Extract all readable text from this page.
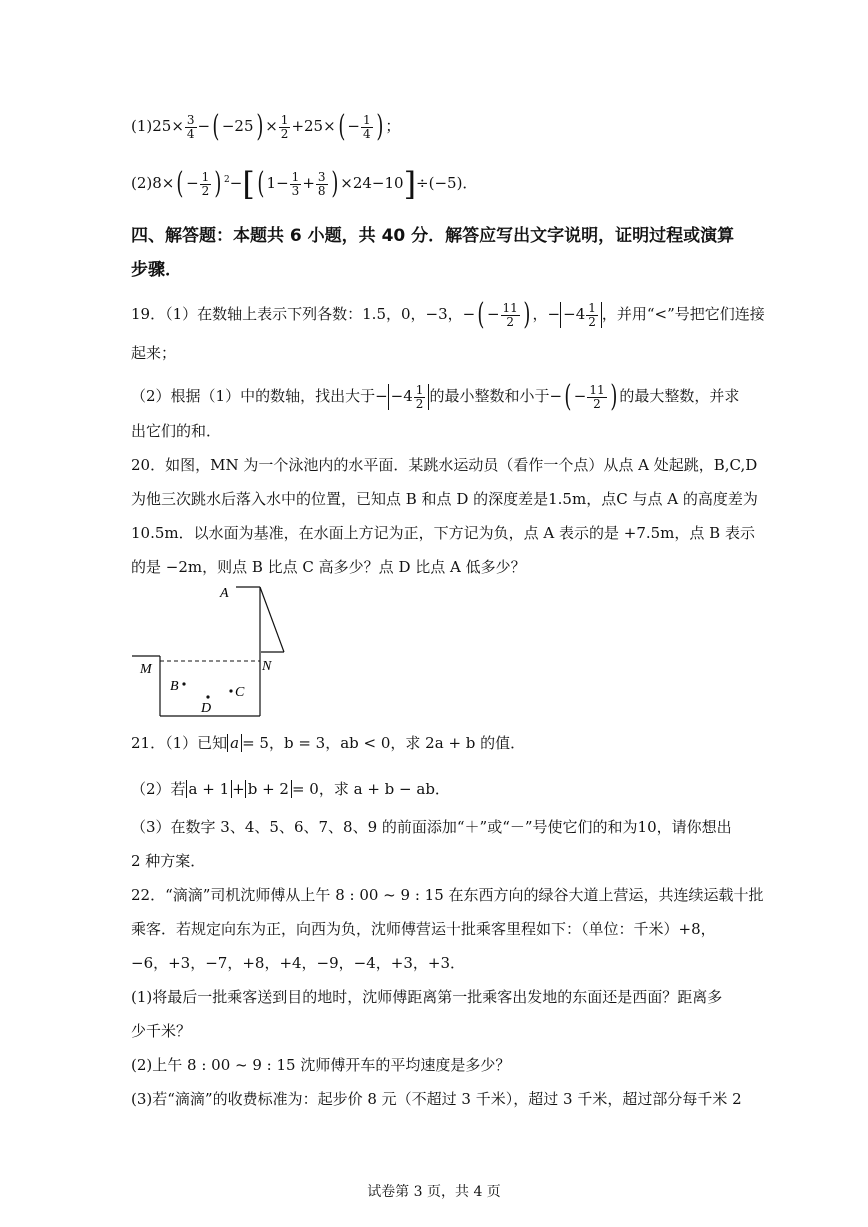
$(1)25\times \frac{3}{4}$ −( $-25) \times \frac{1}{2} +25\times( - \frac{1}{4}$ ) ；
$(2)8\times( - \frac{1}{2}$ ) $^2$−[( $1- \frac{1}{3} + \frac{3}{8}$ ) ×24−10]÷(−5)．
四、解答题：本题共 6 小题，共 40 分．解答应写出文字说明，证明过程或演算
步骤．
19．（1）在数轴上表示下列各数：1.5，0，−3，−( − $\frac{11}{2}$ ) ，− $-4 \frac{1}{2}$ ，并用“<”号把它们连接
起来；
（2）根据（1）中的数轴，找出大于− $-4 \frac{1}{2}$ 的最小整数和小于−( − $\frac{11}{2}$ ) 的最大整数，并求
出它们的和．
20．如图，MN 为一个泳池内的水平面．某跳水运动员（看作一个点）从点 A 处起跳，B,C,D
为他三次跳水后落入水中的位置，已知点 B 和点 D 的深度差是1.5m，点C 与点 A 的高度差为
10.5m．以水面为基准，在水面上方记为正，下方记为负，点 A 表示的是 +7.5m，点 B 表示
的是 −2m，则点 B 比点 C 高多少？点 D 比点 A 低多少？
A
M	N
B
D
C
21．（1）已知 a = 5，b = 3，ab < 0，求 2a + b 的值．
（2）若 a + 1 + b + 2 = 0，求 a + b − ab．
（3）在数字 3、4、5、6、7、8、9 的前面添加“＋”或“－”号使它们的和为10，请你想出
2 种方案．
22．“滴滴”司机沈师傅从上午 8 : 00 ~ 9 : 15 在东西方向的绿谷大道上营运，共连续运载十批
乘客．若规定向东为正，向西为负，沈师傅营运十批乘客里程如下：（单位：千米）+8，
−6，+3，−7，+8，+4，−9，−4，+3，+3．
(1)将最后一批乘客送到目的地时，沈师傅距离第一批乘客出发地的东面还是西面？距离多
少千米？
(2)上午 8 : 00 ~ 9 : 15 沈师傅开车的平均速度是多少？
(3)若“滴滴”的收费标准为：起步价 8 元（不超过 3 千米），超过 3 千米，超过部分每千米 2
试卷第 3 页，共 4 页
